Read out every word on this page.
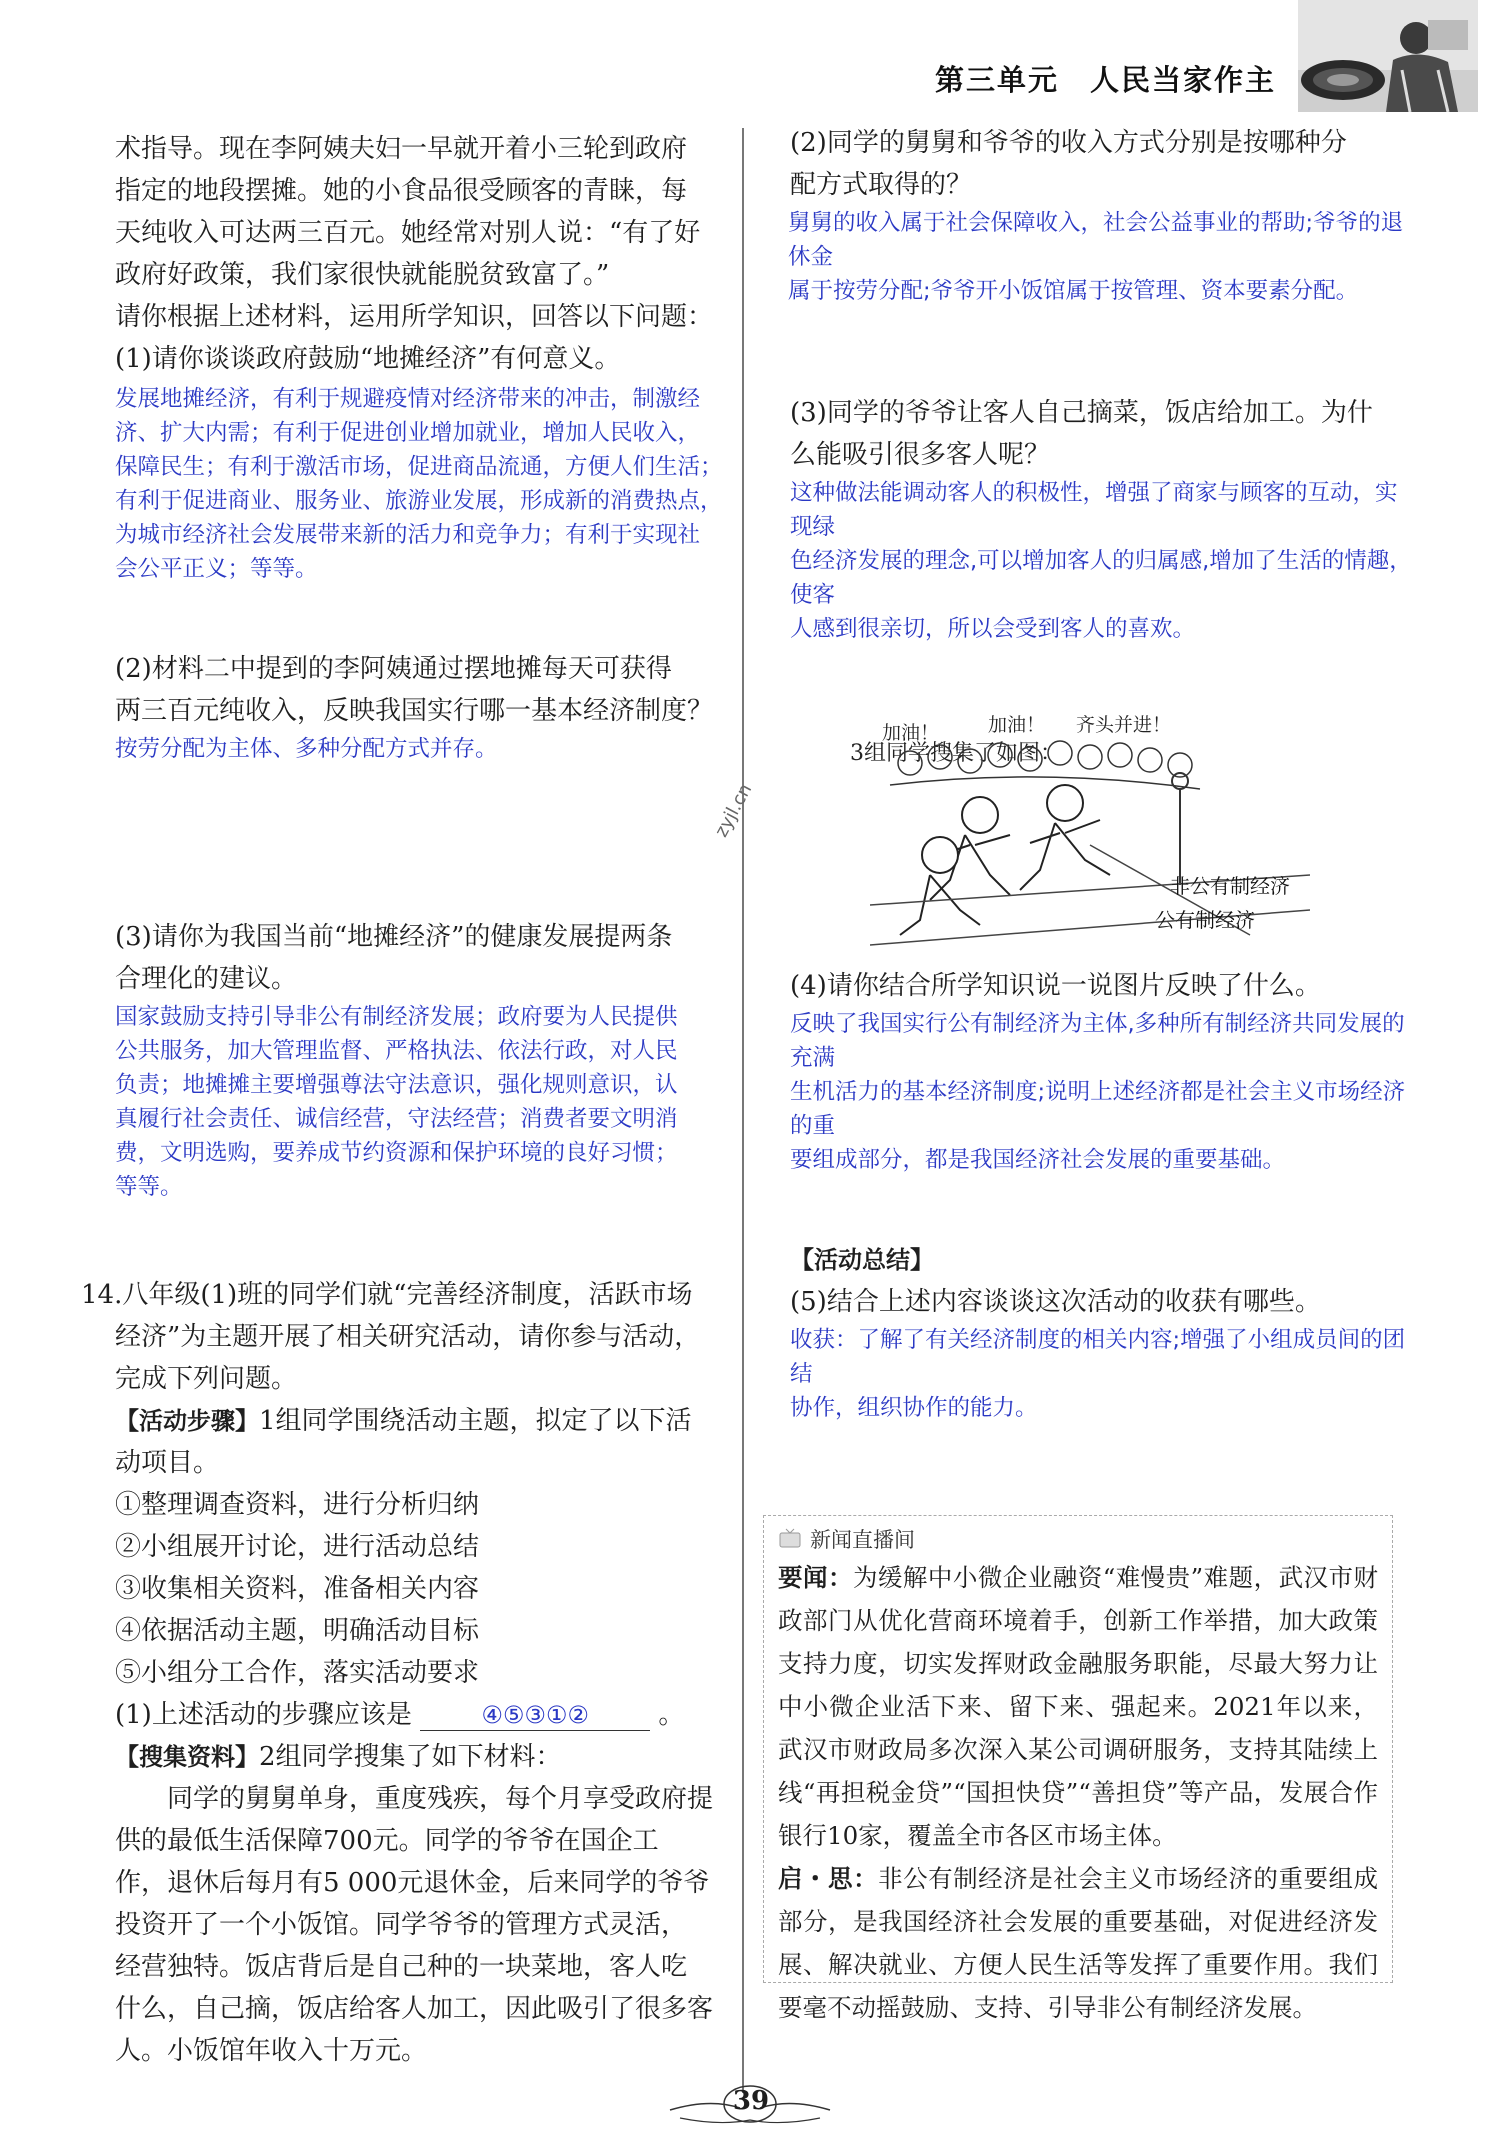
第三单元　人民当家作主
zyjl.cn

术指导。现在李阿姨夫妇一早就开着小三轮到政府

指定的地段摆摊。她的小食品很受顾客的青睐，每

天纯收入可达两三百元。她经常对别人说：“有了好

政府好政策，我们家很快就能脱贫致富了。”

请你根据上述材料，运用所学知识，回答以下问题：

(1)请你谈谈政府鼓励“地摊经济”有何意义。

发展地摊经济，有利于规避疫情对经济带来的冲击，制激经

济、扩大内需；有利于促进创业增加就业，增加人民收入，

保障民生；有利于激活市场，促进商品流通，方便人们生活；

有利于促进商业、服务业、旅游业发展，形成新的消费热点，

为城市经济社会发展带来新的活力和竞争力；有利于实现社

会公平正义；等等。

(2)材料二中提到的李阿姨通过摆地摊每天可获得

两三百元纯收入，反映我国实行哪一基本经济制度？

按劳分配为主体、多种分配方式并存。

(3)请你为我国当前“地摊经济”的健康发展提两条

合理化的建议。

国家鼓励支持引导非公有制经济发展；政府要为人民提供

公共服务，加大管理监督、严格执法、依法行政，对人民

负责；地摊摊主要增强尊法守法意识，强化规则意识，认

真履行社会责任、诚信经营，守法经营；消费者要文明消

费，文明选购，要养成节约资源和保护环境的良好习惯；

等等。

14.八年级(1)班的同学们就“完善经济制度，活跃市场

经济”为主题开展了相关研究活动，请你参与活动，

完成下列问题。

【活动步骤】1组同学围绕活动主题，拟定了以下活

动项目。

①整理调查资料，进行分析归纳

②小组展开讨论，进行活动总结

③收集相关资料，准备相关内容

④依据活动主题，明确活动目标

⑤小组分工合作，落实活动要求

(1)上述活动的步骤应该是	④⑤③①②	。

【搜集资料】2组同学搜集了如下材料：

同学的舅舅单身，重度残疾，每个月享受政府提

供的最低生活保障700元。同学的爷爷在国企工

作，退休后每月有5 000元退休金，后来同学的爷爷

投资开了一个小饭馆。同学爷爷的管理方式灵活，

经营独特。饭店背后是自己种的一块菜地，客人吃

什么，自己摘，饭店给客人加工，因此吸引了很多客

人。小饭馆年收入十万元。

(2)同学的舅舅和爷爷的收入方式分别是按哪种分

配方式取得的？

舅舅的收入属于社会保障收入，社会公益事业的帮助;爷爷的退休金

属于按劳分配;爷爷开小饭馆属于按管理、资本要素分配。

(3)同学的爷爷让客人自己摘菜，饭店给加工。为什

么能吸引很多客人呢？

这种做法能调动客人的积极性，增强了商家与顾客的互动，实现绿

色经济发展的理念,可以增加客人的归属感,增加了生活的情趣，使客

人感到很亲切，所以会受到客人的喜欢。

3组同学搜集了如图：

加油！	加油！ 齐头并进！
非公有制经济
公有制经济

(4)请你结合所学知识说一说图片反映了什么。

反映了我国实行公有制经济为主体,多种所有制经济共同发展的充满

生机活力的基本经济制度;说明上述经济都是社会主义市场经济的重

要组成部分，都是我国经济社会发展的重要基础。

【活动总结】

(5)结合上述内容谈谈这次活动的收获有哪些。

收获：了解了有关经济制度的相关内容;增强了小组成员间的团结

协作，组织协作的能力。

新闻直播间

要闻：为缓解中小微企业融资“难慢贵”难题，武汉市财政部门从优化营商环境着手，创新工作举措，加大政策支持力度，切实发挥财政金融服务职能，尽最大努力让中小微企业活下来、留下来、强起来。2021年以来，武汉市财政局多次深入某公司调研服务，支持其陆续上线“再担税金贷”“国担快贷”“善担贷”等产品，发展合作银行10家，覆盖全市各区市场主体。

启・思：非公有制经济是社会主义市场经济的重要组成部分，是我国经济社会发展的重要基础，对促进经济发展、解决就业、方便人民生活等发挥了重要作用。我们要毫不动摇鼓励、支持、引导非公有制经济发展。

39
